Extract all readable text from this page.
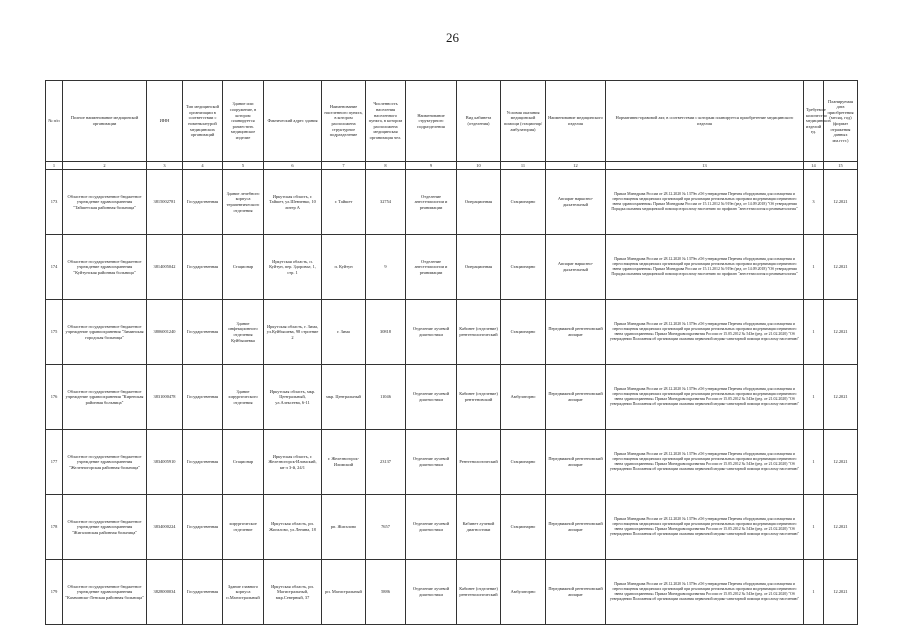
26
№ п/п	Полное наименование медицинской организации	ИНН	Тип медицинской организации в соответствии с номенклатурой медицинских организаций	Здание или сооружение, в котором планируется разместить медицинское изделие	Фактический адрес здания	Наименование населенного пункта, в котором расположена структурное подразделение	Численность населения населенного пункта, в котором расположена медицинская организация чел.	Наименование структурного подразделения	Вид кабинета (отделения)	Условия оказания медицинской помощи (стационар/амбулатория)	Наименование медицинского изделия	Нормативно-правовой акт, в соответствии с которым планируется приобретение медицинского изделия	Требуемое количество медицинских изделий ед.	Планируемая дата приобретения (месяц, год) (формат отражения данных мм.гггг.)
1	2	3	4	5	6	7	8	9	10	11	12	13	14	15
173	Областное государственное бюджетное учреждение здравоохранения "Тайшетская районная больница"	3815002781	Государственная	Здание лечебного корпуса терапевтического отделения	Иркутская область, г. Тайшет, ул.Шевченко, 10 литер А	г. Тайшет	32754	Отделение анестезиологии и реанимации	Операционная	Стационарно	Аппарат наркозно-дыхательный	Приказ Минздрава России от 28.12.2020 № 1379н «Об утверждении Перечня оборудования для оснащения и переоснащения медицинских организаций при реализации региональных программ модернизации первичного звена здравоохранения» Приказ Минздрава России от 15.11.2012 № 919н (ред. от 14.09.2018) "Об утверждении Порядка оказания медицинской помощи взрослому населению по профилю "анестезиология и реаниматология"	3	12.2021
174	Областное государственное бюджетное учреждение здравоохранения "Куйтунская районная больница"	3814005042	Государственная	Стационар	Иркутская область, п. Куйтун, пер. Здоровье, 1, стр. 1	п. Куйтун	9	Отделение анестезиологии и реанимации	Операционная	Стационарно	Аппарат наркозно-дыхательный	Приказ Минздрава России от 28.12.2020 № 1379н «Об утверждении Перечня оборудования для оснащения и переоснащения медицинских организаций при реализации региональных программ модернизации первичного звена здравоохранения» Приказ Минздрава России от 15.11.2012 № 919н (ред. от 14.09.2018) "Об утверждении Порядка оказания медицинской помощи взрослому населению по профилю "анестезиология и реаниматология"	1	12.2021
175	Областное государственное бюджетное учреждение здравоохранения "Зиминская городская больница"	3806001240	Государственная	Здание инфекционного отделения Куйбышевка	Иркутская область, г. Зима, ул.Куйбышева, 98 строение 2	г. Зима	30818	Отделение лучевой диагностики	Кабинет (отделение) рентгенологический	Стационарно	Передвижной рентгеновский аппарат	Приказ Минздрава России от 28.12.2020 № 1379н «Об утверждении Перечня оборудования для оснащения и переоснащения медицинских организаций при реализации региональных программ модернизации первичного звена здравоохранения» Приказ Минздравсоцразвития России от 15.05.2012 № 543н (ред. от 21.02.2020) "Об утверждении Положения об организации оказания первичной медико-санитарной помощи взрослому населению"	1	12.2021
176	Областное государственное бюджетное учреждение здравоохранения "Киренская районная больница"	3831000478	Государственная	Здание хирургического отделения	Иркутская область, мкр. Центральный, ул.Алексеева, 6-11	мкр. Центральный	11046	Отделение лучевой диагностики	Кабинет (отделение) рентгеновский	Амбулаторно	Передвижной рентгеновский аппарат	Приказ Минздрава России от 28.12.2020 № 1379н «Об утверждении Перечня оборудования для оснащения и переоснащения медицинских организаций при реализации региональных программ модернизации первичного звена здравоохранения» Приказ Минздравсоцразвития России от 15.05.2012 № 543н (ред. от 21.02.2020) "Об утверждении Положения об организации оказания первичной медико-санитарной помощи взрослому населению"	1	12.2021
177	Областное государственное бюджетное учреждение здравоохранения "Железногорская районная больница"	3834005910	Государственная	Стационар	Иркутская область, г. Железногорск-Илимский, кв-л 3-й, 24/1	г. Железногорск-Илимский	23137	Отделение лучевой диагностики	Рентгенологический	Стационарно	Передвижной рентгеновский аппарат	Приказ Минздрава России от 28.12.2020 № 1379н «Об утверждении Перечня оборудования для оснащения и переоснащения медицинских организаций при реализации региональных программ модернизации первичного звена здравоохранения» Приказ Минздравсоцразвития России от 15.05.2012 № 543н (ред. от 21.02.2020) "Об утверждении Положения об организации оказания первичной медико-санитарной помощи взрослому населению"	1	12.2021
178	Областное государственное бюджетное учреждение здравоохранения "Жигаловская районная больница"	3834000224	Государственная	хирургическое отделение	Иркутская область, рп. Жигалово, ул.Ленина, 18	рп. Жигалово	7657	Отделение лучевой диагностики	Кабинет лучевой диагностики	Стационарно	Передвижной рентгеновский аппарат	Приказ Минздрава России от 28.12.2020 № 1379н «Об утверждении Перечня оборудования для оснащения и переоснащения медицинских организаций при реализации региональных программ модернизации первичного звена здравоохранения» Приказ Минздравсоцразвития России от 15.05.2012 № 543н (ред. от 21.02.2020) "Об утверждении Положения об организации оказания первичной медико-санитарной помощи взрослому населению"	1	12.2021
179	Областное государственное бюджетное учреждение здравоохранения "Казачинско-Ленская районная больница"	3828000034	Государственная	Здание главного корпуса п.Магистральный	Иркутская область, рп. Магистральный, мкр.Северный, 37	рп. Магистральный	5886	Отделение лучевой диагностики	Кабинет (отделение) рентгенологический	Амбулаторно	Передвижной рентгеновский аппарат	Приказ Минздрава России от 28.12.2020 № 1379н «Об утверждении Перечня оборудования для оснащения и переоснащения медицинских организаций при реализации региональных программ модернизации первичного звена здравоохранения» Приказ Минздравсоцразвития России от 15.05.2012 № 543н (ред. от 21.02.2020) "Об утверждении Положения об организации оказания первичной медико-санитарной помощи взрослому населению"	1	12.2021
